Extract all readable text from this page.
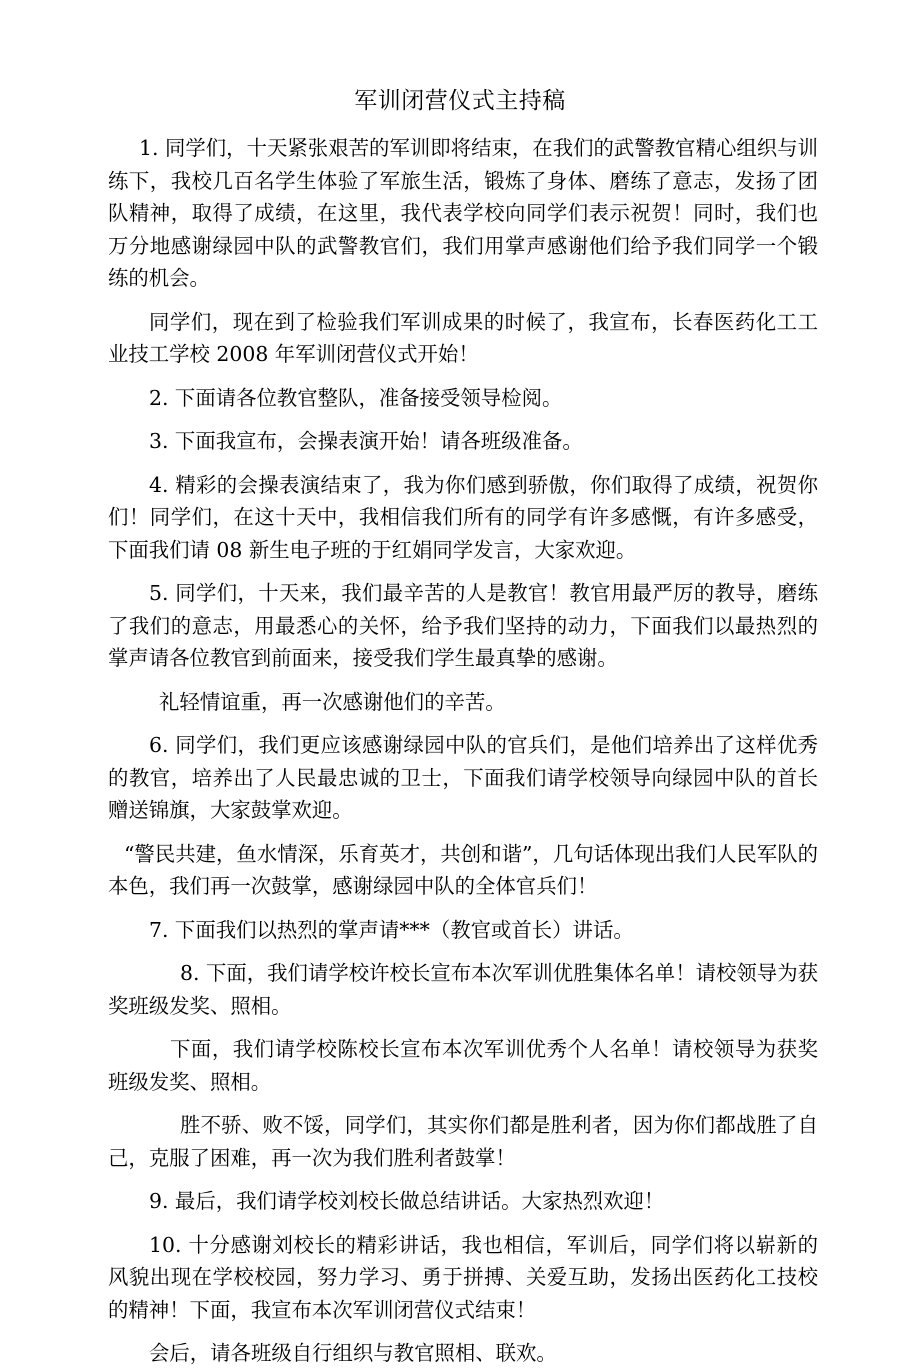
军训闭营仪式主持稿

1. 同学们，十天紧张艰苦的军训即将结束，在我们的武警教官精心组织与训练下，我校几百名学生体验了军旅生活，锻炼了身体、磨练了意志，发扬了团队精神，取得了成绩，在这里，我代表学校向同学们表示祝贺！同时，我们也万分地感谢绿园中队的武警教官们，我们用掌声感谢他们给予我们同学一个锻练的机会。

同学们，现在到了检验我们军训成果的时候了，我宣布，长春医药化工工业技工学校 2008 年军训闭营仪式开始！

2. 下面请各位教官整队，准备接受领导检阅。

3. 下面我宣布，会操表演开始！请各班级准备。

4. 精彩的会操表演结束了，我为你们感到骄傲，你们取得了成绩，祝贺你们！同学们，在这十天中，我相信我们所有的同学有许多感慨，有许多感受，下面我们请 08 新生电子班的于红娟同学发言，大家欢迎。

5. 同学们，十天来，我们最辛苦的人是教官！教官用最严厉的教导，磨练了我们的意志，用最悉心的关怀，给予我们坚持的动力，下面我们以最热烈的掌声请各位教官到前面来，接受我们学生最真挚的感谢。

礼轻情谊重，再一次感谢他们的辛苦。

6. 同学们，我们更应该感谢绿园中队的官兵们，是他们培养出了这样优秀的教官，培养出了人民最忠诚的卫士，下面我们请学校领导向绿园中队的首长赠送锦旗，大家鼓掌欢迎。

“警民共建，鱼水情深，乐育英才，共创和谐”，几句话体现出我们人民军队的本色，我们再一次鼓掌，感谢绿园中队的全体官兵们！

7. 下面我们以热烈的掌声请***（教官或首长）讲话。

8. 下面，我们请学校许校长宣布本次军训优胜集体名单！请校领导为获奖班级发奖、照相。

下面，我们请学校陈校长宣布本次军训优秀个人名单！请校领导为获奖班级发奖、照相。

胜不骄、败不馁，同学们，其实你们都是胜利者，因为你们都战胜了自己，克服了困难，再一次为我们胜利者鼓掌！

9. 最后，我们请学校刘校长做总结讲话。大家热烈欢迎！

10. 十分感谢刘校长的精彩讲话，我也相信，军训后，同学们将以崭新的风貌出现在学校校园，努力学习、勇于拼搏、关爱互助，发扬出医药化工技校的精神！下面，我宣布本次军训闭营仪式结束！

会后，请各班级自行组织与教官照相、联欢。
